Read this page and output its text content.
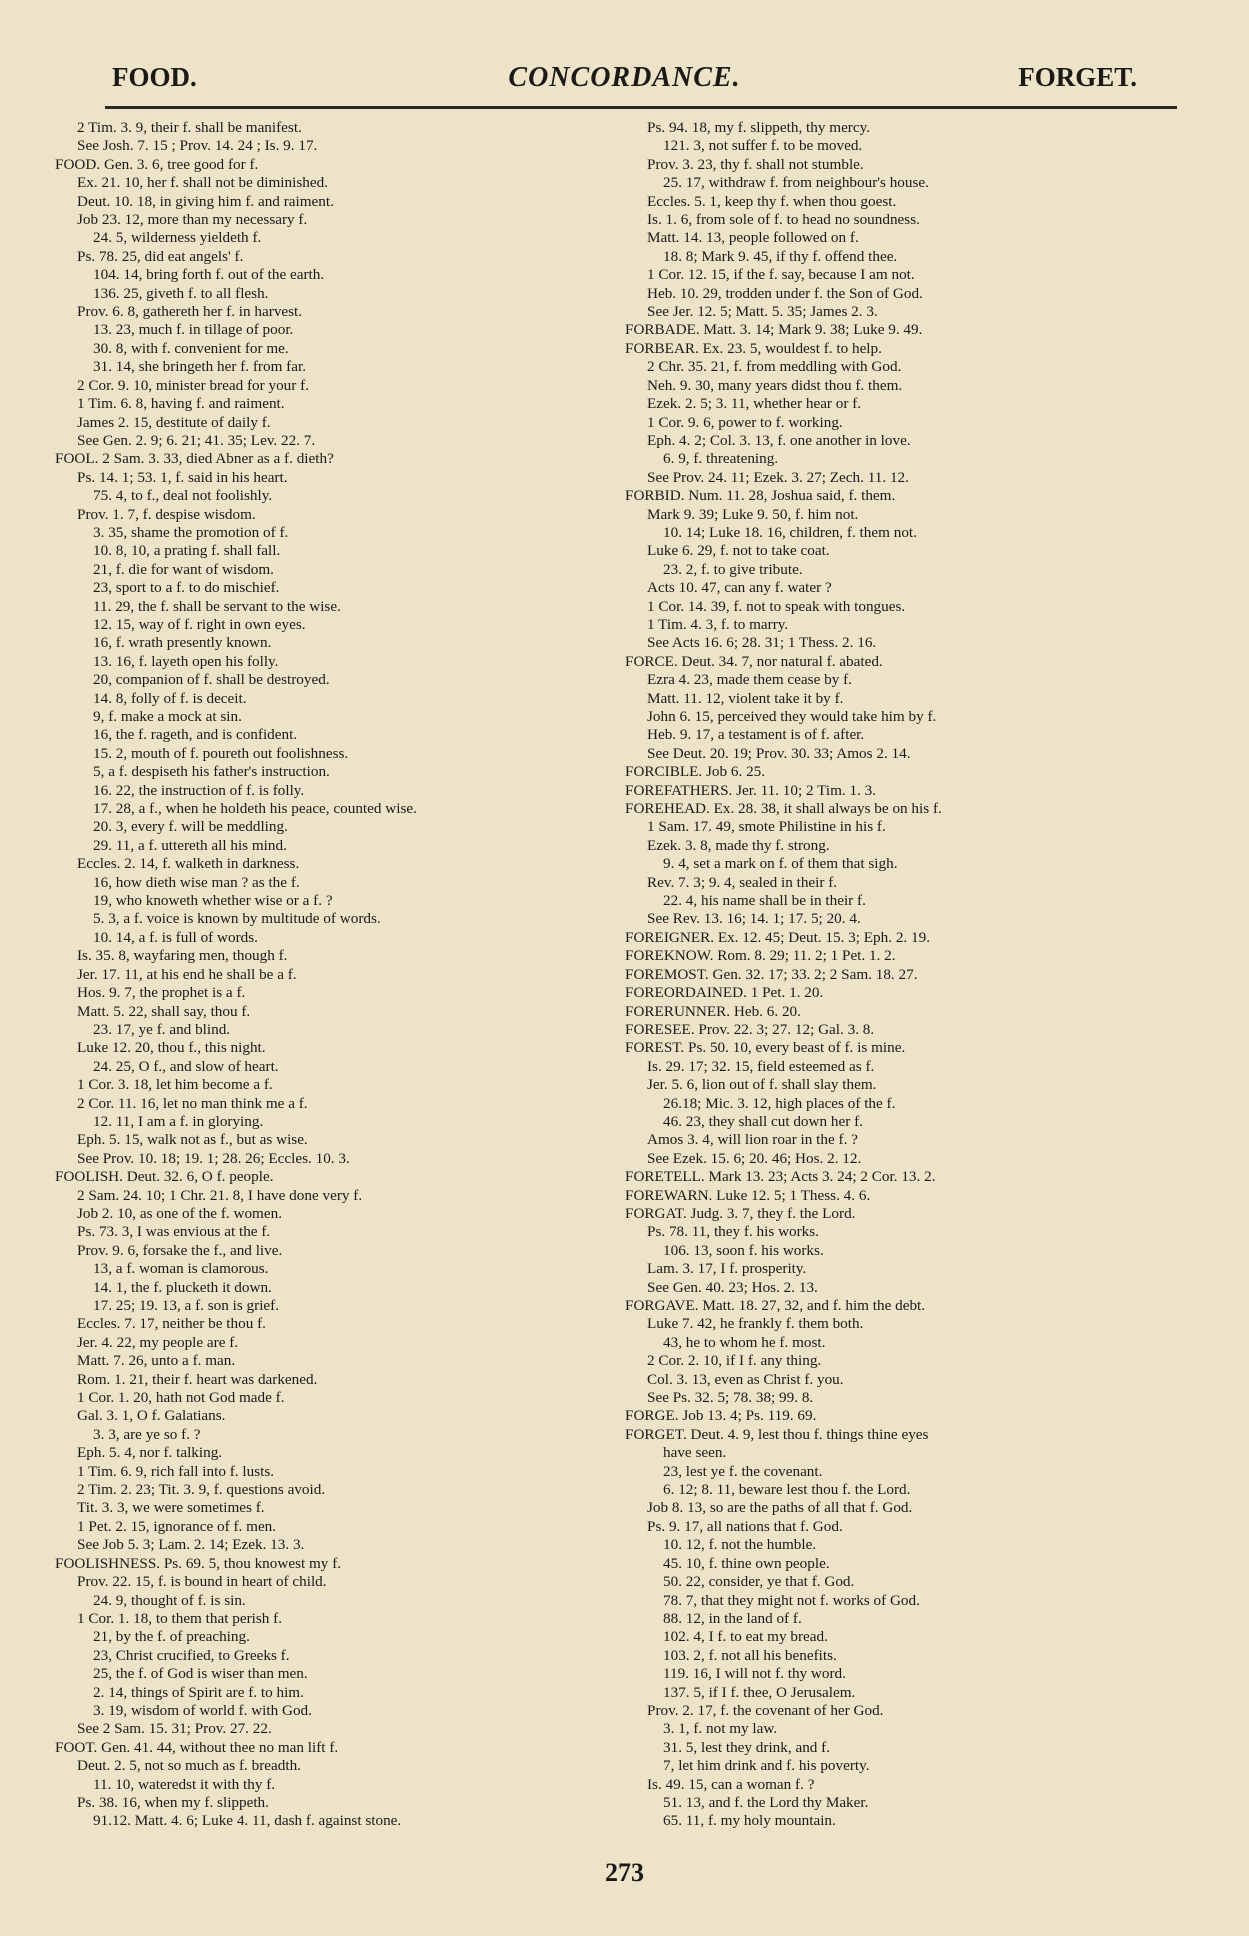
FOOD.	CONCORDANCE.	FORGET.
2 Tim. 3. 9, their f. shall be manifest.
See Josh. 7. 15 ; Prov. 14. 24 ; Is. 9. 17.
FOOD. Gen. 3. 6, tree good for f.
Ex. 21. 10, her f. shall not be diminished.
Deut. 10. 18, in giving him f. and raiment.
Job 23. 12, more than my necessary f.
24. 5, wilderness yieldeth f.
Ps. 78. 25, did eat angels' f.
104. 14, bring forth f. out of the earth.
136. 25, giveth f. to all flesh.
Prov. 6. 8, gathereth her f. in harvest.
13. 23, much f. in tillage of poor.
30. 8, with f. convenient for me.
31. 14, she bringeth her f. from far.
2 Cor. 9. 10, minister bread for your f.
1 Tim. 6. 8, having f. and raiment.
James 2. 15, destitute of daily f.
See Gen. 2. 9; 6. 21; 41. 35; Lev. 22. 7.
FOOL. 2 Sam. 3. 33, died Abner as a f. dieth?
Ps. 14. 1; 53. 1, f. said in his heart.
75. 4, to f., deal not foolishly.
Prov. 1. 7, f. despise wisdom.
3. 35, shame the promotion of f.
10. 8, 10, a prating f. shall fall.
21, f. die for want of wisdom.
23, sport to a f. to do mischief.
11. 29, the f. shall be servant to the wise.
12. 15, way of f. right in own eyes.
16, f. wrath presently known.
13. 16, f. layeth open his folly.
20, companion of f. shall be destroyed.
14. 8, folly of f. is deceit.
9, f. make a mock at sin.
16, the f. rageth, and is confident.
15. 2, mouth of f. poureth out foolishness.
5, a f. despiseth his father's instruction.
16. 22, the instruction of f. is folly.
17. 28, a f., when he holdeth his peace, counted wise.
20. 3, every f. will be meddling.
29. 11, a f. uttereth all his mind.
Eccles. 2. 14, f. walketh in darkness.
16, how dieth wise man ? as the f.
19, who knoweth whether wise or a f. ?
5. 3, a f. voice is known by multitude of words.
10. 14, a f. is full of words.
Is. 35. 8, wayfaring men, though f.
Jer. 17. 11, at his end he shall be a f.
Hos. 9. 7, the prophet is a f.
Matt. 5. 22, shall say, thou f.
23. 17, ye f. and blind.
Luke 12. 20, thou f., this night.
24. 25, O f., and slow of heart.
1 Cor. 3. 18, let him become a f.
2 Cor. 11. 16, let no man think me a f.
12. 11, I am a f. in glorying.
Eph. 5. 15, walk not as f., but as wise.
See Prov. 10. 18; 19. 1; 28. 26; Eccles. 10. 3.
FOOLISH. Deut. 32. 6, O f. people.
2 Sam. 24. 10; 1 Chr. 21. 8, I have done very f.
Job 2. 10, as one of the f. women.
Ps. 73. 3, I was envious at the f.
Prov. 9. 6, forsake the f., and live.
13, a f. woman is clamorous.
14. 1, the f. plucketh it down.
17. 25; 19. 13, a f. son is grief.
Eccles. 7. 17, neither be thou f.
Jer. 4. 22, my people are f.
Matt. 7. 26, unto a f. man.
Rom. 1. 21, their f. heart was darkened.
1 Cor. 1. 20, hath not God made f.
Gal. 3. 1, O f. Galatians.
3. 3, are ye so f. ?
Eph. 5. 4, nor f. talking.
1 Tim. 6. 9, rich fall into f. lusts.
2 Tim. 2. 23; Tit. 3. 9, f. questions avoid.
Tit. 3. 3, we were sometimes f.
1 Pet. 2. 15, ignorance of f. men.
See Job 5. 3; Lam. 2. 14; Ezek. 13. 3.
FOOLISHNESS. Ps. 69. 5, thou knowest my f.
Prov. 22. 15, f. is bound in heart of child.
24. 9, thought of f. is sin.
1 Cor. 1. 18, to them that perish f.
21, by the f. of preaching.
23, Christ crucified, to Greeks f.
25, the f. of God is wiser than men.
2. 14, things of Spirit are f. to him.
3. 19, wisdom of world f. with God.
See 2 Sam. 15. 31; Prov. 27. 22.
FOOT. Gen. 41. 44, without thee no man lift f.
Deut. 2. 5, not so much as f. breadth.
11. 10, wateredst it with thy f.
Ps. 38. 16, when my f. slippeth.
91.12. Matt. 4. 6; Luke 4. 11, dash f. against stone.
Ps. 94. 18, my f. slippeth, thy mercy.
121. 3, not suffer f. to be moved.
Prov. 3. 23, thy f. shall not stumble.
25. 17, withdraw f. from neighbour's house.
Eccles. 5. 1, keep thy f. when thou goest.
Is. 1. 6, from sole of f. to head no soundness.
Matt. 14. 13, people followed on f.
18. 8; Mark 9. 45, if thy f. offend thee.
1 Cor. 12. 15, if the f. say, because I am not.
Heb. 10. 29, trodden under f. the Son of God.
See Jer. 12. 5; Matt. 5. 35; James 2. 3.
FORBADE. Matt. 3. 14; Mark 9. 38; Luke 9. 49.
FORBEAR. Ex. 23. 5, wouldest f. to help.
2 Chr. 35. 21, f. from meddling with God.
Neh. 9. 30, many years didst thou f. them.
Ezek. 2. 5; 3. 11, whether hear or f.
1 Cor. 9. 6, power to f. working.
Eph. 4. 2; Col. 3. 13, f. one another in love.
6. 9, f. threatening.
See Prov. 24. 11; Ezek. 3. 27; Zech. 11. 12.
FORBID. Num. 11. 28, Joshua said, f. them.
Mark 9. 39; Luke 9. 50, f. him not.
10. 14; Luke 18. 16, children, f. them not.
Luke 6. 29, f. not to take coat.
23. 2, f. to give tribute.
Acts 10. 47, can any f. water ?
1 Cor. 14. 39, f. not to speak with tongues.
1 Tim. 4. 3, f. to marry.
See Acts 16. 6; 28. 31; 1 Thess. 2. 16.
FORCE. Deut. 34. 7, nor natural f. abated.
Ezra 4. 23, made them cease by f.
Matt. 11. 12, violent take it by f.
John 6. 15, perceived they would take him by f.
Heb. 9. 17, a testament is of f. after.
See Deut. 20. 19; Prov. 30. 33; Amos 2. 14.
FORCIBLE. Job 6. 25.
FOREFATHERS. Jer. 11. 10; 2 Tim. 1. 3.
FOREHEAD. Ex. 28. 38, it shall always be on his f.
1 Sam. 17. 49, smote Philistine in his f.
Ezek. 3. 8, made thy f. strong.
9. 4, set a mark on f. of them that sigh.
Rev. 7. 3; 9. 4, sealed in their f.
22. 4, his name shall be in their f.
See Rev. 13. 16; 14. 1; 17. 5; 20. 4.
FOREIGNER. Ex. 12. 45; Deut. 15. 3; Eph. 2. 19.
FOREKNOW. Rom. 8. 29; 11. 2; 1 Pet. 1. 2.
FOREMOST. Gen. 32. 17; 33. 2; 2 Sam. 18. 27.
FOREORDAINED. 1 Pet. 1. 20.
FORERUNNER. Heb. 6. 20.
FORESEE. Prov. 22. 3; 27. 12; Gal. 3. 8.
FOREST. Ps. 50. 10, every beast of f. is mine.
Is. 29. 17; 32. 15, field esteemed as f.
Jer. 5. 6, lion out of f. shall slay them.
26.18; Mic. 3. 12, high places of the f.
46. 23, they shall cut down her f.
Amos 3. 4, will lion roar in the f. ?
See Ezek. 15. 6; 20. 46; Hos. 2. 12.
FORETELL. Mark 13. 23; Acts 3. 24; 2 Cor. 13. 2.
FOREWARN. Luke 12. 5; 1 Thess. 4. 6.
FORGAT. Judg. 3. 7, they f. the Lord.
Ps. 78. 11, they f. his works.
106. 13, soon f. his works.
Lam. 3. 17, I f. prosperity.
See Gen. 40. 23; Hos. 2. 13.
FORGAVE. Matt. 18. 27, 32, and f. him the debt.
Luke 7. 42, he frankly f. them both.
43, he to whom he f. most.
2 Cor. 2. 10, if I f. any thing.
Col. 3. 13, even as Christ f. you.
See Ps. 32. 5; 78. 38; 99. 8.
FORGE. Job 13. 4; Ps. 119. 69.
FORGET. Deut. 4. 9, lest thou f. things thine eyes
have seen.
23, lest ye f. the covenant.
6. 12; 8. 11, beware lest thou f. the Lord.
Job 8. 13, so are the paths of all that f. God.
Ps. 9. 17, all nations that f. God.
10. 12, f. not the humble.
45. 10, f. thine own people.
50. 22, consider, ye that f. God.
78. 7, that they might not f. works of God.
88. 12, in the land of f.
102. 4, I f. to eat my bread.
103. 2, f. not all his benefits.
119. 16, I will not f. thy word.
137. 5, if I f. thee, O Jerusalem.
Prov. 2. 17, f. the covenant of her God.
3. 1, f. not my law.
31. 5, lest they drink, and f.
7, let him drink and f. his poverty.
Is. 49. 15, can a woman f. ?
51. 13, and f. the Lord thy Maker.
65. 11, f. my holy mountain.
273
